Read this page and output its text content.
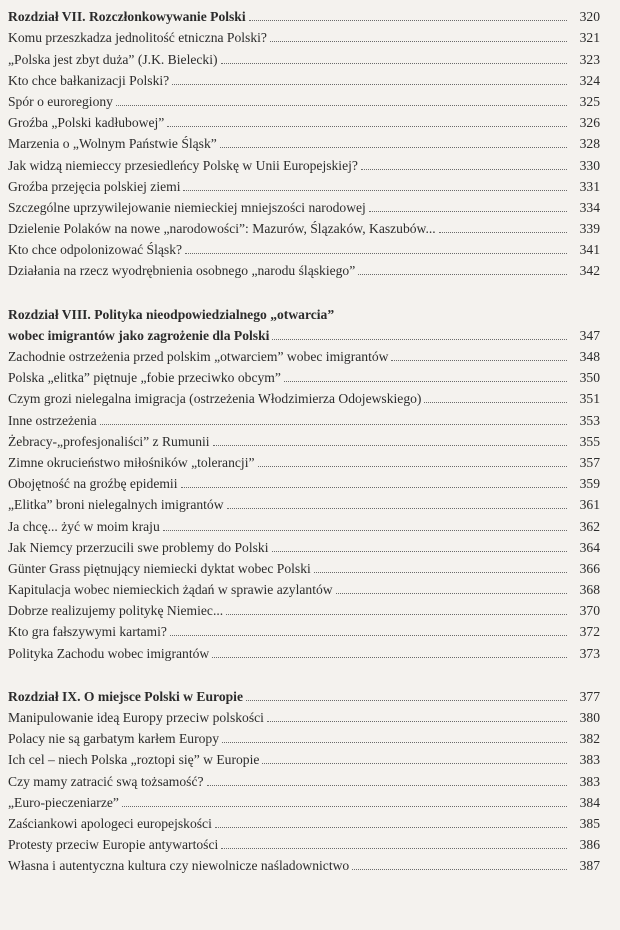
Rozdział VII. Rozczłonkowywanie Polski	320
Komu przeszkadza jednolitość etniczna Polski?	321
„Polska jest zbyt duża” (J.K. Bielecki)	323
Kto chce bałkanizacji Polski?	324
Spór o euroregiony	325
Groźba „Polski kadłubowej”	326
Marzenia o „Wolnym Państwie Śląsk”	328
Jak widzą niemieccy przesiedleńcy Polskę w Unii Europejskiej?	330
Groźba przejęcia polskiej ziemi	331
Szczególne uprzywilejowanie niemieckiej mniejszości narodowej	334
Dzielenie Polaków na nowe „narodowości”: Mazurów, Ślązaków, Kaszubów...	339
Kto chce odpolonizować Śląsk?	341
Działania na rzecz wyodrębnienia osobnego „narodu śląskiego”	342
Rozdział VIII. Polityka nieodpowiedzialnego „otwarcia”
wobec imigrantów jako zagrożenie dla Polski	347
Zachodnie ostrzeżenia przed polskim „otwarciem” wobec imigrantów	348
Polska „elitka” piętnuje „fobie przeciwko obcym”	350
Czym grozi nielegalna imigracja (ostrzeżenia Włodzimierza Odojewskiego)	351
Inne ostrzeżenia	353
Żebracy-„profesjonaliści” z Rumunii	355
Zimne okrucieństwo miłośników „tolerancji”	357
Obojętność na groźbę epidemii	359
„Elitka” broni nielegalnych imigrantów	361
Ja chcę... żyć w moim kraju	362
Jak Niemcy przerzucili swe problemy do Polski	364
Günter Grass piętnujący niemiecki dyktat wobec Polski	366
Kapitulacja wobec niemieckich żądań w sprawie azylantów	368
Dobrze realizujemy politykę Niemiec...	370
Kto gra fałszywymi kartami?	372
Polityka Zachodu wobec imigrantów	373
Rozdział IX. O miejsce Polski w Europie	377
Manipulowanie ideą Europy przeciw polskości	380
Polacy nie są garbatym karłem Europy	382
Ich cel – niech Polska „roztopi się” w Europie	383
Czy mamy zatracić swą tożsamość?	383
„Euro-pieczeniarze”	384
Zaściankowi apologeci europejskości	385
Protesty przeciw Europie antywartości	386
Własna i autentyczna kultura czy niewolnicze naśladownictwo	387
